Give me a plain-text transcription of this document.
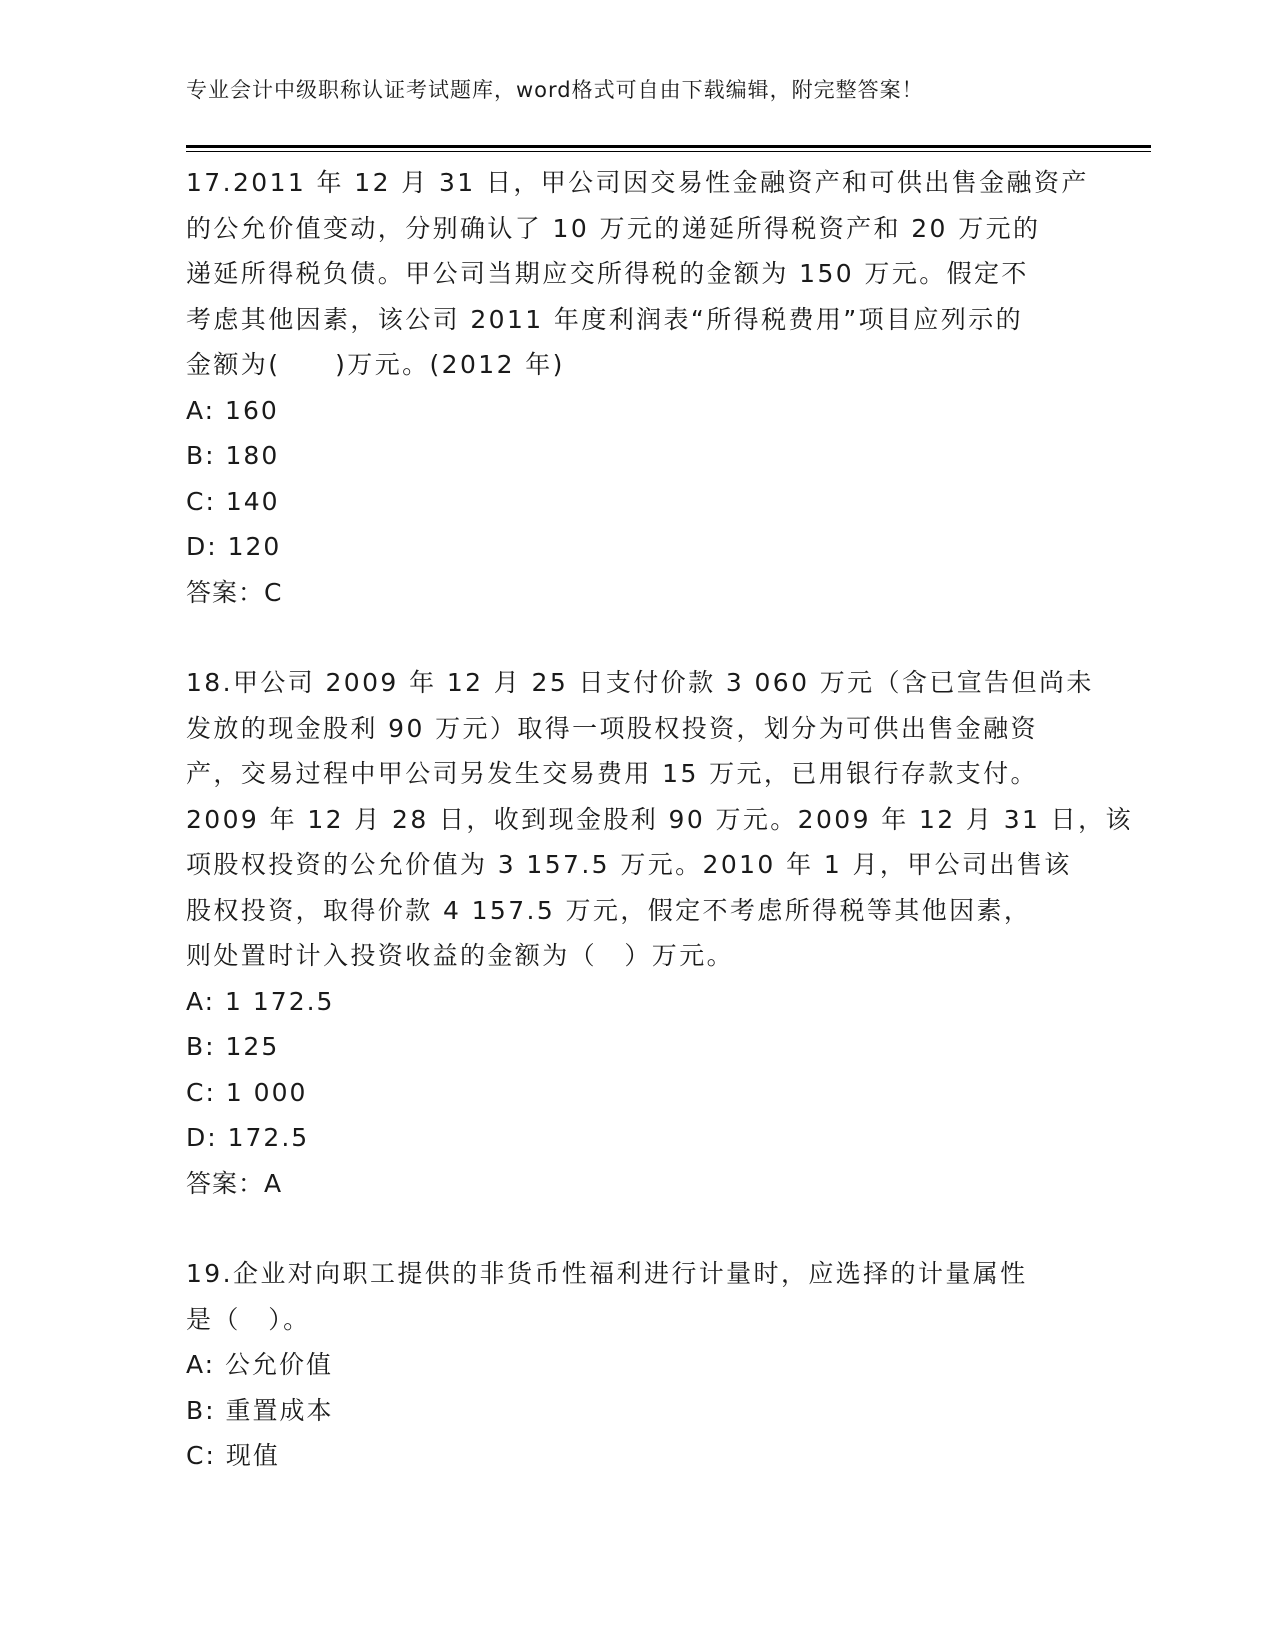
专业会计中级职称认证考试题库，word格式可自由下载编辑，附完整答案！

17.2011 年 12 月 31 日，甲公司因交易性金融资产和可供出售金融资产
的公允价值变动，分别确认了 10 万元的递延所得税资产和 20 万元的
递延所得税负债。甲公司当期应交所得税的金额为 150 万元。假定不
考虑其他因素，该公司 2011 年度利润表“所得税费用”项目应列示的
金额为(　　)万元。(2012 年)

A: 160
B: 180
C: 140
D: 120
答案：C

18.甲公司 2009 年 12 月 25 日支付价款 3 060 万元（含已宣告但尚未
发放的现金股利 90 万元）取得一项股权投资，划分为可供出售金融资
产，交易过程中甲公司另发生交易费用 15 万元，已用银行存款支付。
2009 年 12 月 28 日，收到现金股利 90 万元。2009 年 12 月 31 日，该
项股权投资的公允价值为 3 157.5 万元。2010 年 1 月，甲公司出售该
股权投资，取得价款 4 157.5 万元，假定不考虑所得税等其他因素，
则处置时计入投资收益的金额为（　）万元。

A: 1 172.5
B: 125
C: 1 000
D: 172.5
答案：A

19.企业对向职工提供的非货币性福利进行计量时，应选择的计量属性
是（　）。

A: 公允价值
B: 重置成本
C: 现值
